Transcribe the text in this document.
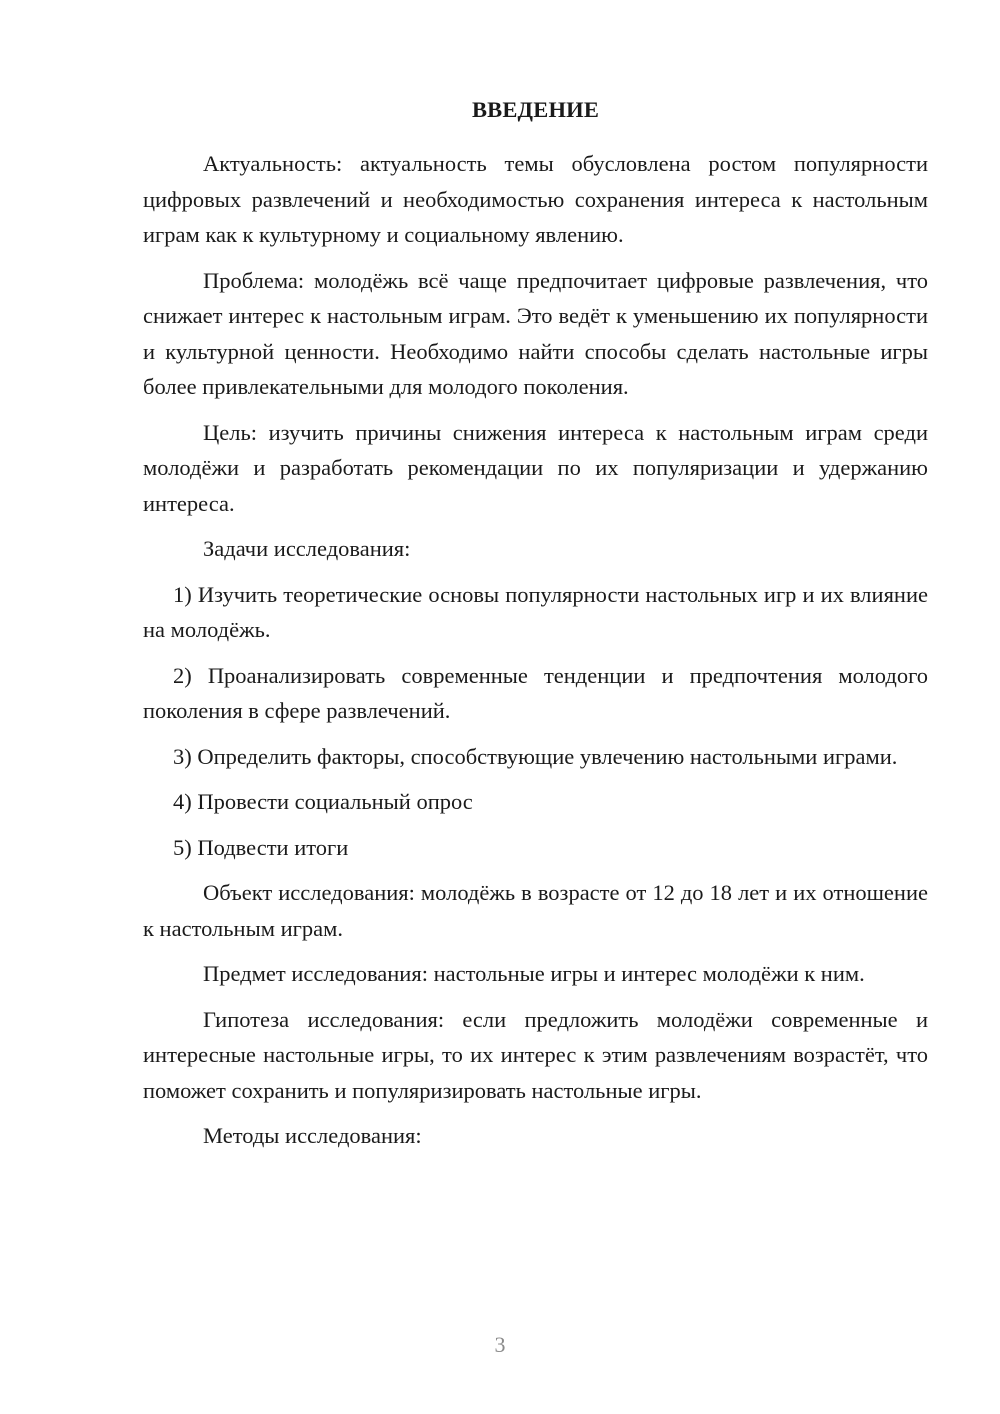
ВВЕДЕНИЕ

Актуальность: актуальность темы обусловлена ростом популярности цифровых развлечений и необходимостью сохранения интереса к настольным играм как к культурному и социальному явлению.

Проблема: молодёжь всё чаще предпочитает цифровые развлечения, что снижает интерес к настольным играм. Это ведёт к уменьшению их популярности и культурной ценности. Необходимо найти способы сделать настольные игры более привлекательными для молодого поколения.

Цель: изучить причины снижения интереса к настольным играм среди молодёжи и разработать рекомендации по их популяризации и удержанию интереса.

Задачи исследования:

1) Изучить теоретические основы популярности настольных игр и их влияние на молодёжь.

2) Проанализировать современные тенденции и предпочтения молодого поколения в сфере развлечений.

3) Определить факторы, способствующие увлечению настольными играми.

4) Провести социальный опрос

5) Подвести итоги

Объект исследования: молодёжь в возрасте от 12 до 18 лет и их отношение к настольным играм.

Предмет исследования: настольные игры и интерес молодёжи к ним.

Гипотеза исследования: если предложить молодёжи современные и интересные настольные игры, то их интерес к этим развлечениям возрастёт, что поможет сохранить и популяризировать настольные игры.

Методы исследования:

3
